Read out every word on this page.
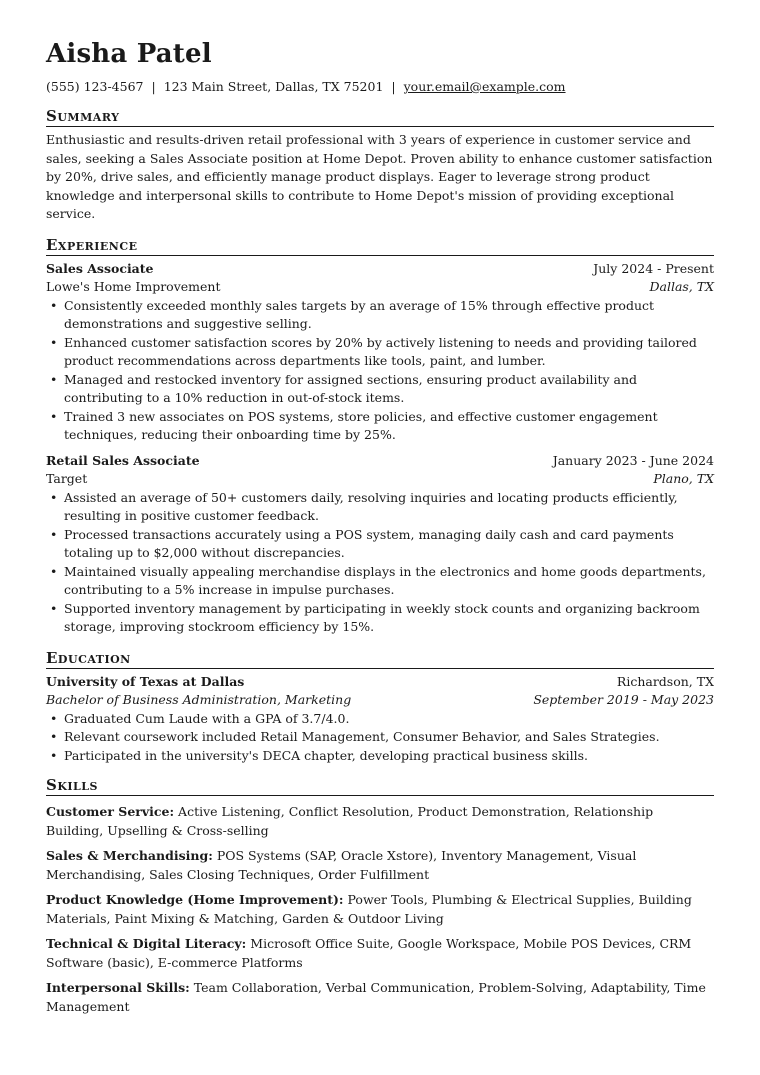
Aisha Patel
(555) 123-4567 | 123 Main Street, Dallas, TX 75201 | your.email@example.com
Summary

Enthusiastic and results-driven retail professional with 3 years of experience in customer service and sales, seeking a Sales Associate position at Home Depot. Proven ability to enhance customer satisfaction by 20%, drive sales, and efficiently manage product displays. Eager to leverage strong product knowledge and interpersonal skills to contribute to Home Depot's mission of providing exceptional service.

Experience
Sales Associate	July 2024 - Present
Lowe's Home Improvement	Dallas, TX
• Consistently exceeded monthly sales targets by an average of 15% through effective product demonstrations and suggestive selling.
• Enhanced customer satisfaction scores by 20% by actively listening to needs and providing tailored product recommendations across departments like tools, paint, and lumber.
• Managed and restocked inventory for assigned sections, ensuring product availability and contributing to a 10% reduction in out-of-stock items.
• Trained 3 new associates on POS systems, store policies, and effective customer engagement techniques, reducing their onboarding time by 25%.
Retail Sales Associate	January 2023 - June 2024
Target	Plano, TX
• Assisted an average of 50+ customers daily, resolving inquiries and locating products efficiently, resulting in positive customer feedback.
• Processed transactions accurately using a POS system, managing daily cash and card payments totaling up to $2,000 without discrepancies.
• Maintained visually appealing merchandise displays in the electronics and home goods departments, contributing to a 5% increase in impulse purchases.
• Supported inventory management by participating in weekly stock counts and organizing backroom storage, improving stockroom efficiency by 15%.
Education
University of Texas at Dallas	Richardson, TX
Bachelor of Business Administration, Marketing	September 2019 - May 2023
• Graduated Cum Laude with a GPA of 3.7/4.0.
• Relevant coursework included Retail Management, Consumer Behavior, and Sales Strategies.
• Participated in the university's DECA chapter, developing practical business skills.
Skills
Customer Service: Active Listening, Conflict Resolution, Product Demonstration, Relationship Building, Upselling & Cross-selling
Sales & Merchandising: POS Systems (SAP, Oracle Xstore), Inventory Management, Visual Merchandising, Sales Closing Techniques, Order Fulfillment
Product Knowledge (Home Improvement): Power Tools, Plumbing & Electrical Supplies, Building Materials, Paint Mixing & Matching, Garden & Outdoor Living
Technical & Digital Literacy: Microsoft Office Suite, Google Workspace, Mobile POS Devices, CRM Software (basic), E-commerce Platforms
Interpersonal Skills: Team Collaboration, Verbal Communication, Problem-Solving, Adaptability, Time Management
